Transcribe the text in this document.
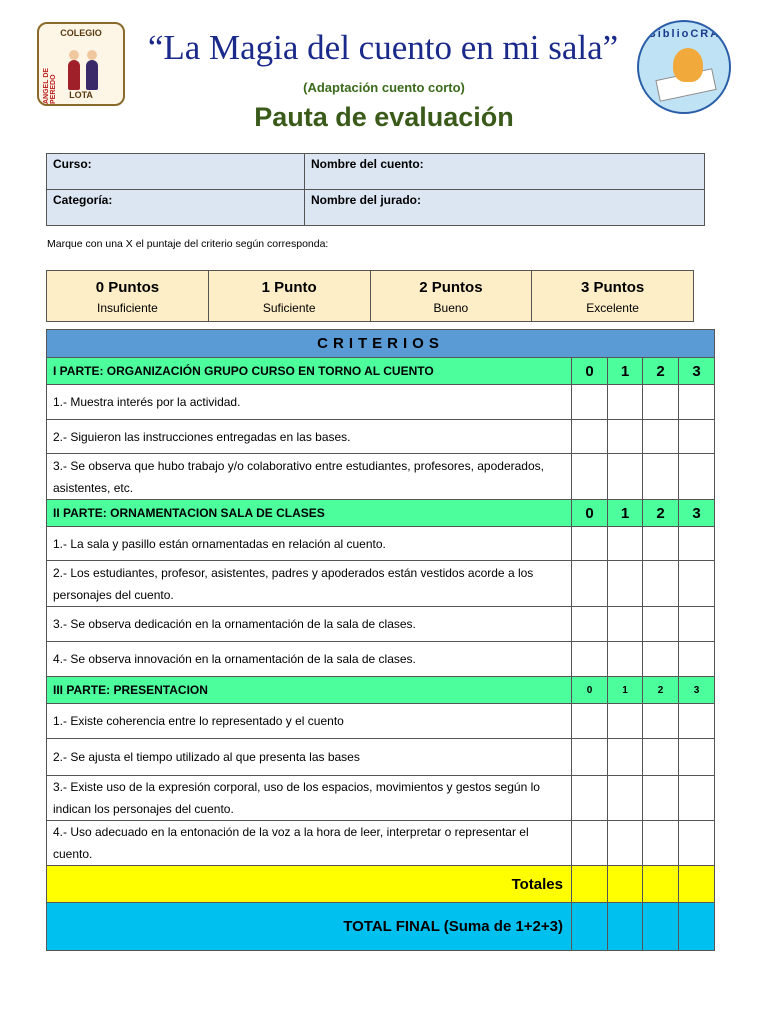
COLEGIO
ANGEL DE PEREDO	LOTA
“La Magia del cuento en mi sala”	BiblioCRA
(Adaptación cuento corto)
Pauta de evaluación
Curso:	Nombre del cuento:
Categoría:	Nombre del jurado:
Marque con una X el puntaje del criterio según corresponda:
0 Puntos
Insuficiente

1 Punto
Suficiente

2 Puntos
Bueno

3 Puntos
Excelente
CRITERIOS				
I PARTE: ORGANIZACIÓN GRUPO CURSO EN TORNO AL CUENTO	0	1	2	3
1.- Muestra interés por la actividad.				
2.- Siguieron las instrucciones entregadas en las bases.				
3.- Se observa que hubo trabajo y/o colaborativo entre estudiantes, profesores, apoderados, asistentes, etc.				
II PARTE: ORNAMENTACION SALA DE CLASES	0	1	2	3
1.- La sala y pasillo están ornamentadas en relación al cuento.				
2.- Los estudiantes, profesor, asistentes, padres y apoderados están vestidos acorde a los personajes del cuento.				
3.- Se observa dedicación en la ornamentación de la sala de clases.				
4.- Se observa innovación en la ornamentación de la sala de clases.				
III PARTE: PRESENTACION	0	1	2	3
1.- Existe coherencia entre lo representado y el cuento				
2.- Se ajusta el tiempo utilizado al que presenta las bases				
3.- Existe uso de la expresión corporal, uso de los espacios, movimientos y gestos según lo indican los personajes del cuento.				
4.- Uso adecuado en la entonación de la voz a la hora de leer, interpretar o representar el cuento.				
Totales				
TOTAL FINAL (Suma de 1+2+3)				
